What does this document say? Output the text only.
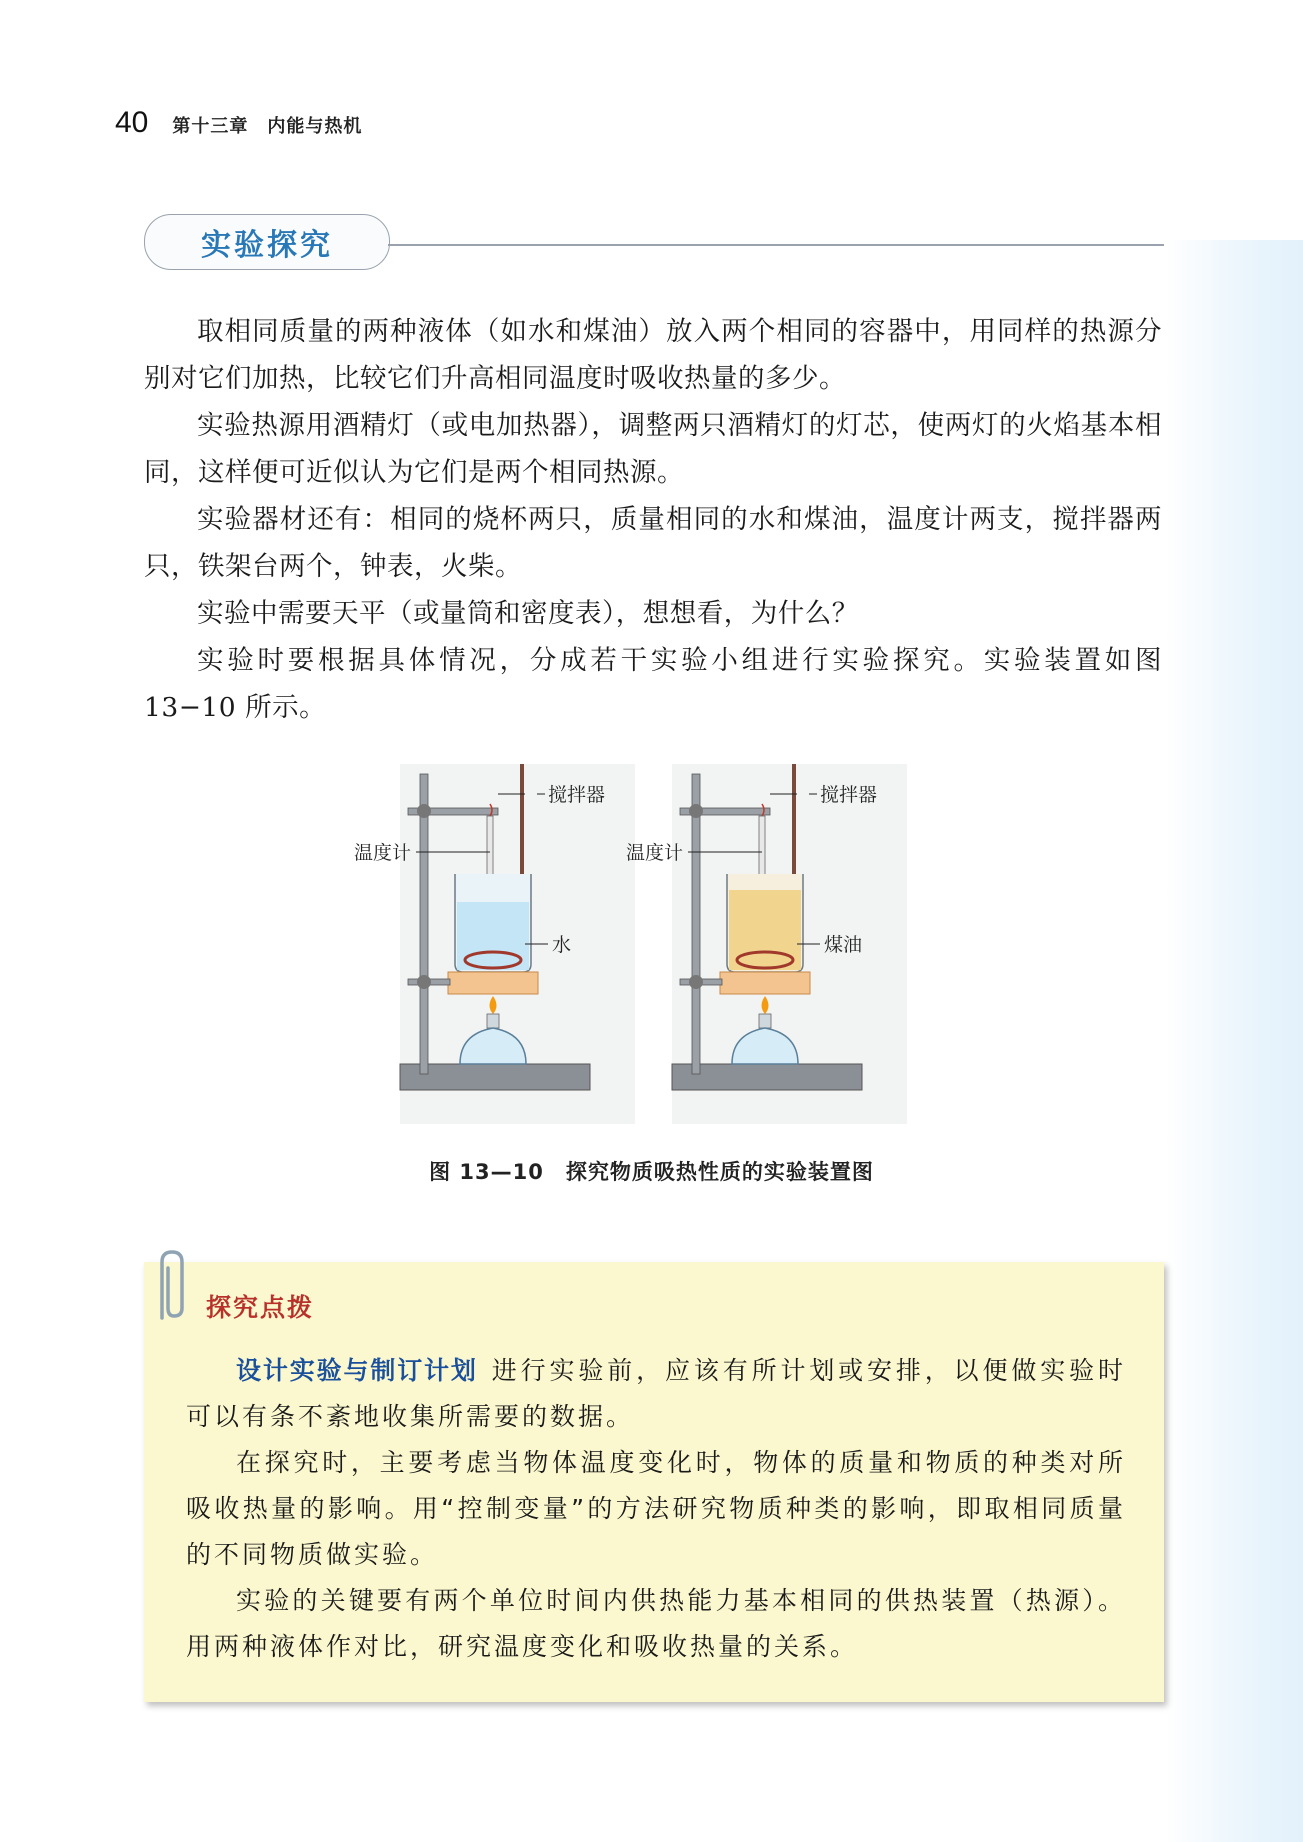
40 第十三章　内能与热机
实验探究

取相同质量的两种液体（如水和煤油）放入两个相同的容器中，用同样的热源分别对它们加热，比较它们升高相同温度时吸收热量的多少。

实验热源用酒精灯（或电加热器），调整两只酒精灯的灯芯，使两灯的火焰基本相同，这样便可近似认为它们是两个相同热源。

实验器材还有：相同的烧杯两只，质量相同的水和煤油，温度计两支，搅拌器两只，铁架台两个，钟表，火柴。

实验中需要天平（或量筒和密度表），想想看，为什么？

实验时要根据具体情况，分成若干实验小组进行实验探究。实验装置如图 13−10 所示。

搅拌器
温度计
水
搅拌器
温度计
煤油
图 13—10　探究物质吸热性质的实验装置图
探究点拨

设计实验与制订计划 进行实验前，应该有所计划或安排，以便做实验时可以有条不紊地收集所需要的数据。

在探究时，主要考虑当物体温度变化时，物体的质量和物质的种类对所吸收热量的影响。用“控制变量”的方法研究物质种类的影响，即取相同质量的不同物质做实验。

实验的关键要有两个单位时间内供热能力基本相同的供热装置（热源）。用两种液体作对比，研究温度变化和吸收热量的关系。
